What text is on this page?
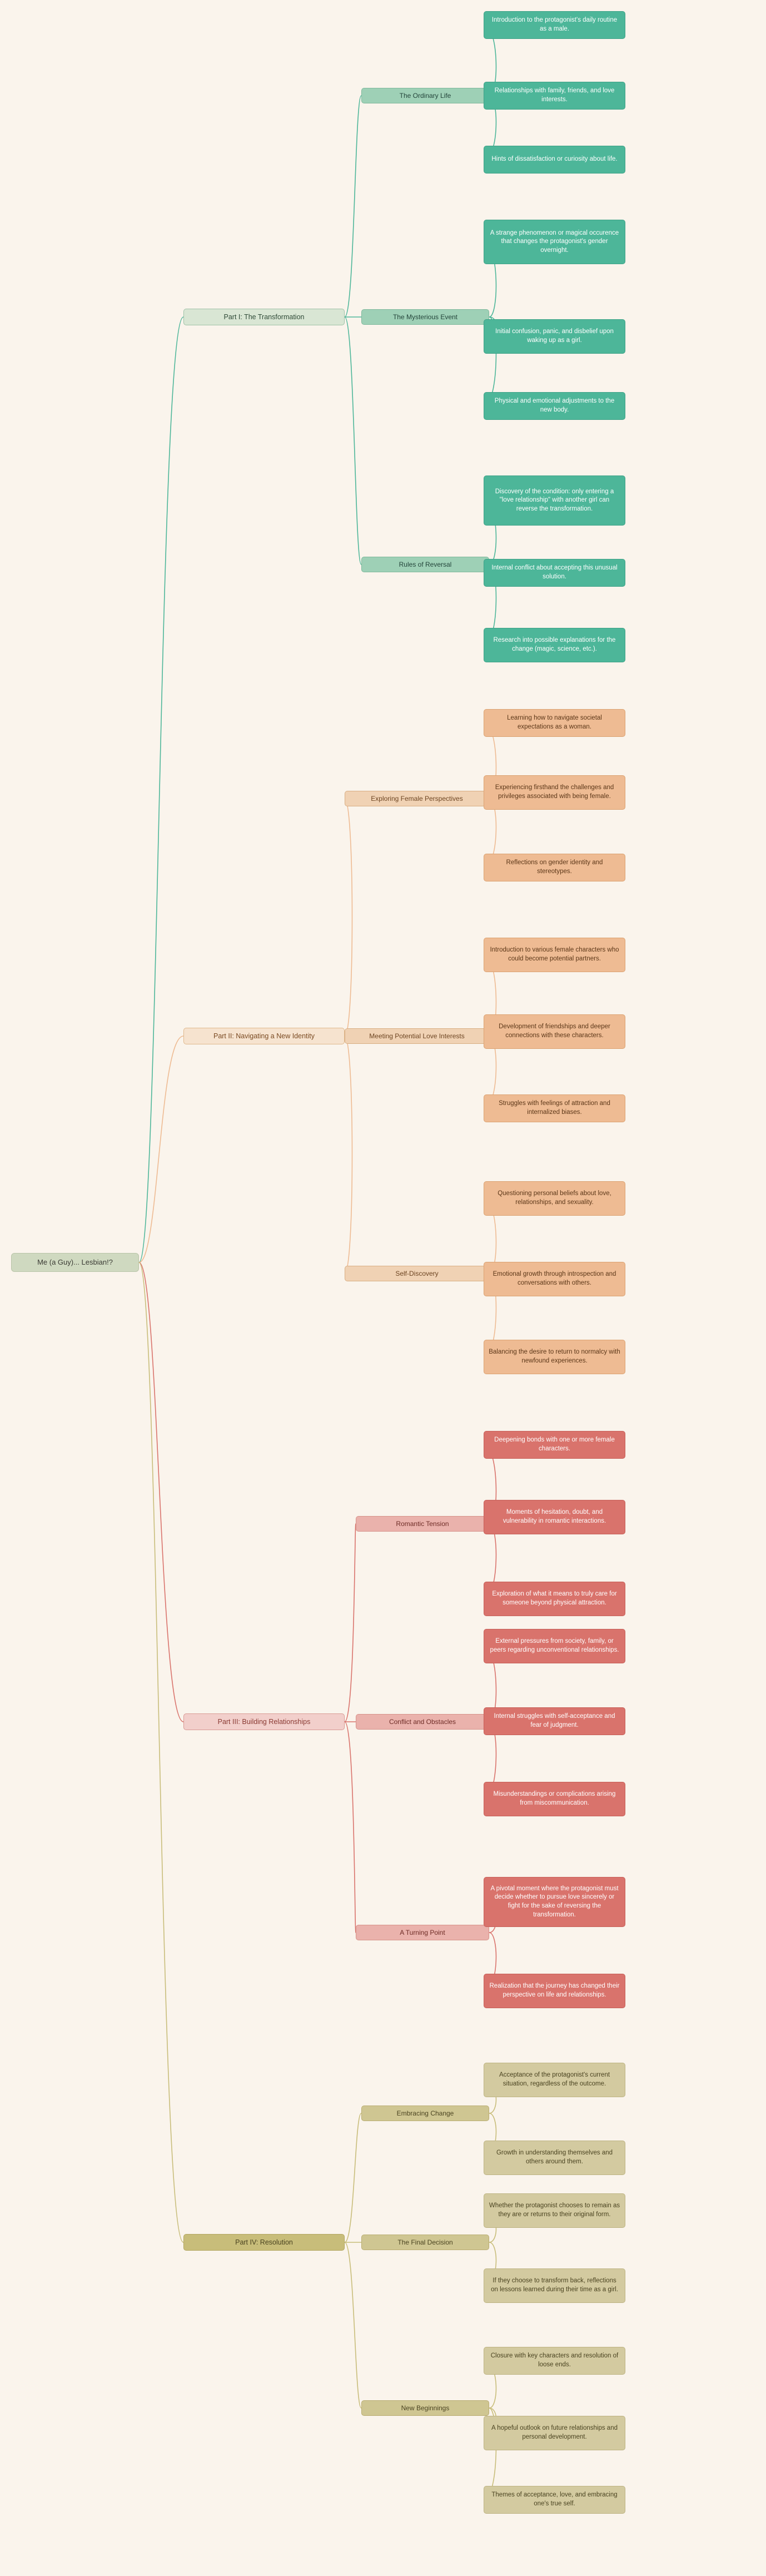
Me (a Guy)... Lesbian!?
Part I: The Transformation
The Ordinary Life
Introduction to the protagonist's daily routine as a male.
Relationships with family, friends, and love interests.
Hints of dissatisfaction or curiosity about life.
The Mysterious Event
A strange phenomenon or magical occurence that changes the protagonist's gender overnight.
Initial confusion, panic, and disbelief upon waking up as a girl.
Physical and emotional adjustments to the new body.
Rules of Reversal
Discovery of the condition: only entering a "love relationship" with another girl can reverse the transformation.
Internal conflict about accepting this unusual solution.
Research into possible explanations for the change (magic, science, etc.).
Part II: Navigating a New Identity
Exploring Female Perspectives
Learning how to navigate societal expectations as a woman.
Experiencing firsthand the challenges and privileges associated with being female.
Reflections on gender identity and stereotypes.
Meeting Potential Love Interests
Introduction to various female characters who could become potential partners.
Development of friendships and deeper connections with these characters.
Struggles with feelings of attraction and internalized biases.
Self-Discovery
Questioning personal beliefs about love, relationships, and sexuality.
Emotional growth through introspection and conversations with others.
Balancing the desire to return to normalcy with newfound experiences.
Part III: Building Relationships
Romantic Tension
Deepening bonds with one or more female characters.
Moments of hesitation, doubt, and vulnerability in romantic interactions.
Exploration of what it means to truly care for someone beyond physical attraction.
Conflict and Obstacles
External pressures from society, family, or peers regarding unconventional relationships.
Internal struggles with self-acceptance and fear of judgment.
Misunderstandings or complications arising from miscommunication.
A Turning Point
A pivotal moment where the protagonist must decide whether to pursue love sincerely or fight for the sake of reversing the transformation.
Realization that the journey has changed their perspective on life and relationships.
Part IV: Resolution
Embracing Change
Acceptance of the protagonist's current situation, regardless of the outcome.
Growth in understanding themselves and others around them.
The Final Decision
Whether the protagonist chooses to remain as they are or returns to their original form.
If they choose to transform back, reflections on lessons learned during their time as a girl.
New Beginnings
Closure with key characters and resolution of loose ends.
A hopeful outlook on future relationships and personal development.
Themes of acceptance, love, and embracing one's true self.
